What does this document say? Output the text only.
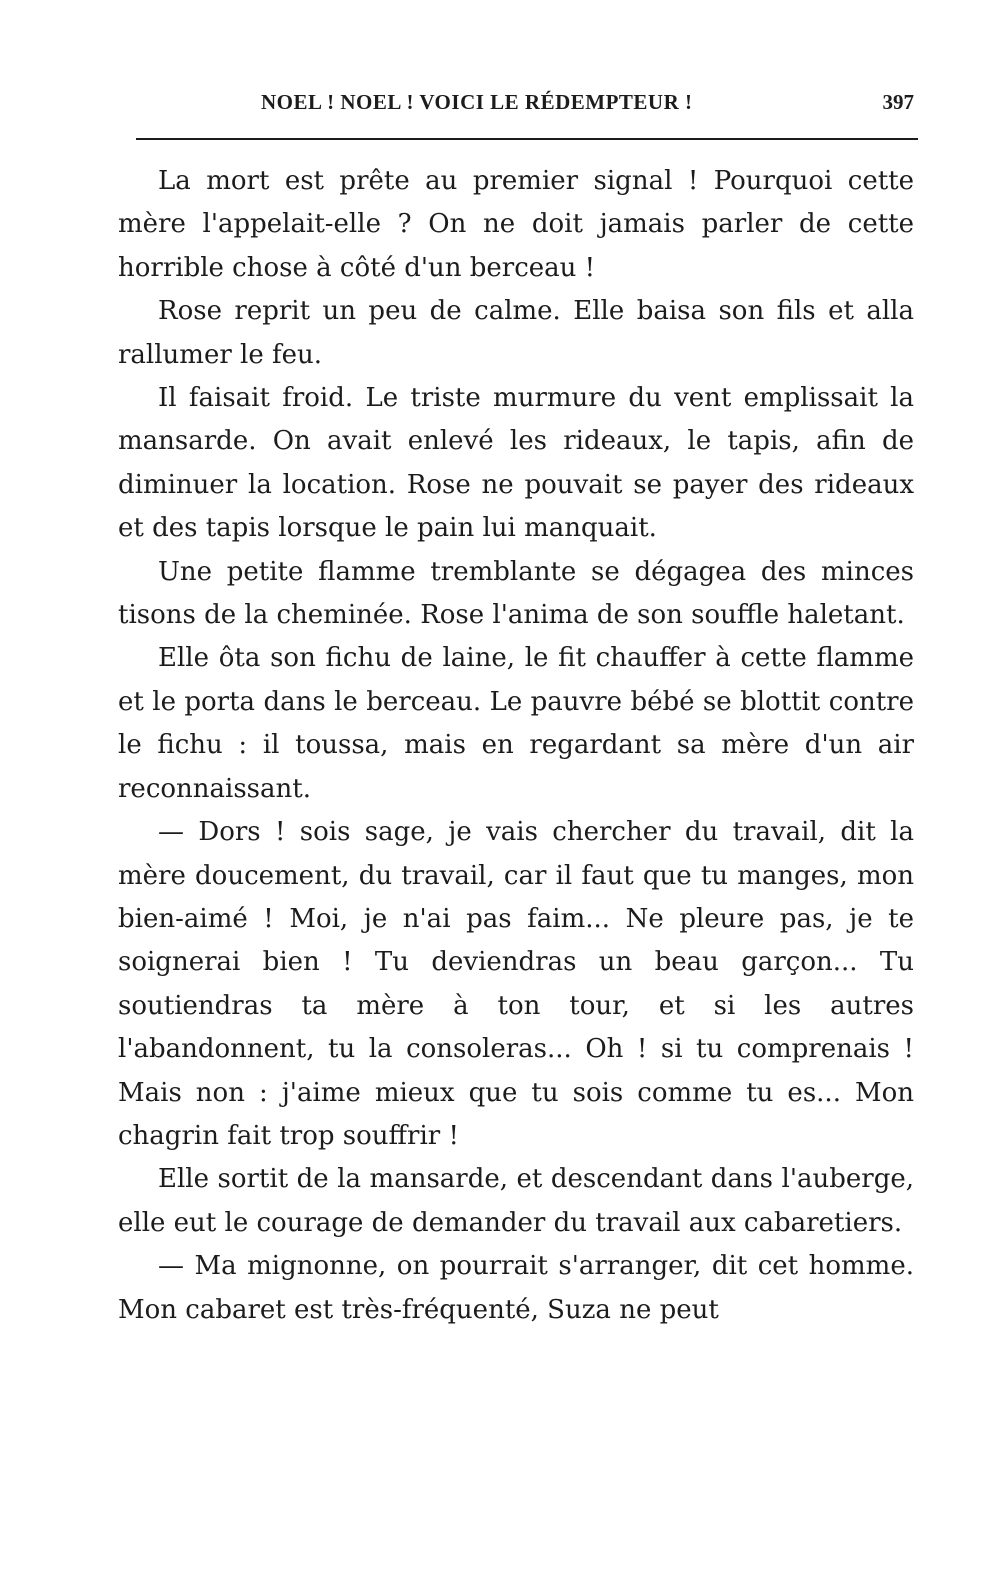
NOEL ! NOEL ! VOICI LE RÉDEMPTEUR !	397

La mort est prête au premier signal ! Pourquoi cette mère l'appelait-elle ? On ne doit jamais parler de cette horrible chose à côté d'un berceau !

Rose reprit un peu de calme. Elle baisa son fils et alla rallumer le feu.

Il faisait froid. Le triste murmure du vent emplissait la mansarde. On avait enlevé les rideaux, le tapis, afin de diminuer la location. Rose ne pouvait se payer des rideaux et des tapis lorsque le pain lui manquait.

Une petite flamme tremblante se dégagea des minces tisons de la cheminée. Rose l'anima de son souffle haletant.

Elle ôta son fichu de laine, le fit chauffer à cette flamme et le porta dans le berceau. Le pauvre bébé se blottit contre le fichu : il toussa, mais en regardant sa mère d'un air reconnaissant.

— Dors ! sois sage, je vais chercher du travail, dit la mère doucement, du travail, car il faut que tu manges, mon bien-aimé ! Moi, je n'ai pas faim... Ne pleure pas, je te soignerai bien ! Tu deviendras un beau garçon... Tu soutiendras ta mère à ton tour, et si les autres l'abandonnent, tu la consoleras... Oh ! si tu comprenais ! Mais non : j'aime mieux que tu sois comme tu es... Mon chagrin fait trop souffrir !

Elle sortit de la mansarde, et descendant dans l'auberge, elle eut le courage de demander du travail aux cabaretiers.

— Ma mignonne, on pourrait s'arranger, dit cet homme. Mon cabaret est très-fréquenté, Suza ne peut
